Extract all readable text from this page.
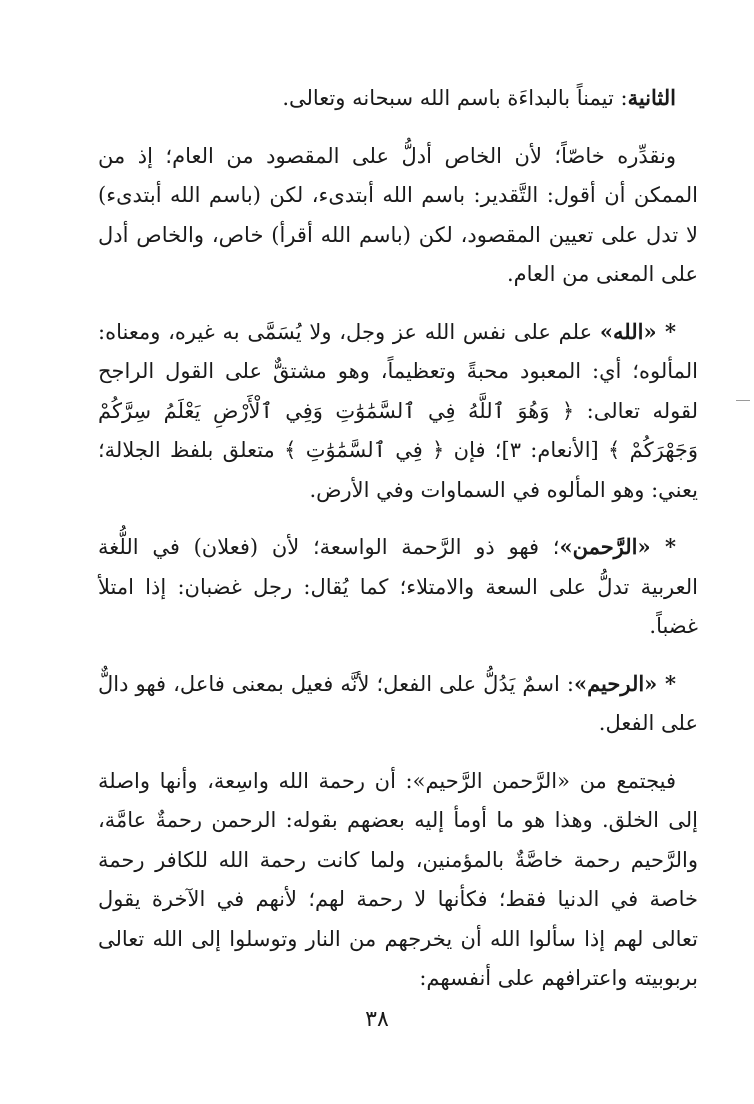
الثانية: تيمناً بالبداءَة باسم الله سبحانه وتعالى.

ونقدِّره خاصّاً؛ لأن الخاص أدلُّ على المقصود من العام؛ إذ من الممكن أن أقول: التَّقدير: باسم الله أبتدىء، لكن (باسم الله أبتدىء) لا تدل على تعيين المقصود، لكن (باسم الله أقرأ) خاص، والخاص أدل على المعنى من العام.

* «الله» علم على نفس الله عز وجل، ولا يُسَمَّى به غيره، ومعناه: المألوه؛ أي: المعبود محبةً وتعظيماً، وهو مشتقٌّ على القول الراجح لقوله تعالى: ﴿ وَهُوَ ٱللَّهُ فِي ٱلسَّمَٰوَٰتِ وَفِي ٱلْأَرْضِ يَعْلَمُ سِرَّكُمْ وَجَهْرَكُمْ ﴾ [الأنعام: ٣]؛ فإن ﴿ فِي ٱلسَّمَٰوَٰتِ ﴾ متعلق بلفظ الجلالة؛ يعني: وهو المألوه في السماوات وفي الأرض.

* «الرَّحمن»؛ فهو ذو الرَّحمة الواسعة؛ لأن (فعلان) في اللُّغة العربية تدلُّ على السعة والامتلاء؛ كما يُقال: رجل غضبان: إذا امتلأ غضباً.

* «الرحيم»: اسمٌ يَدُلُّ على الفعل؛ لأنَّه فعيل بمعنى فاعل، فهو دالٌّ على الفعل.

فيجتمع من «الرَّحمن الرَّحيم»: أن رحمة الله واسِعة، وأنها واصلة إلى الخلق. وهذا هو ما أومأ إليه بعضهم بقوله: الرحمن رحمةٌ عامَّة، والرَّحيم رحمة خاصَّةٌ بالمؤمنين، ولما كانت رحمة الله للكافر رحمة خاصة في الدنيا فقط؛ فكأنها لا رحمة لهم؛ لأنهم في الآخرة يقول تعالى لهم إذا سألوا الله أن يخرجهم من النار وتوسلوا إلى الله تعالى بربوبيته واعترافهم على أنفسهم:

٣٨
